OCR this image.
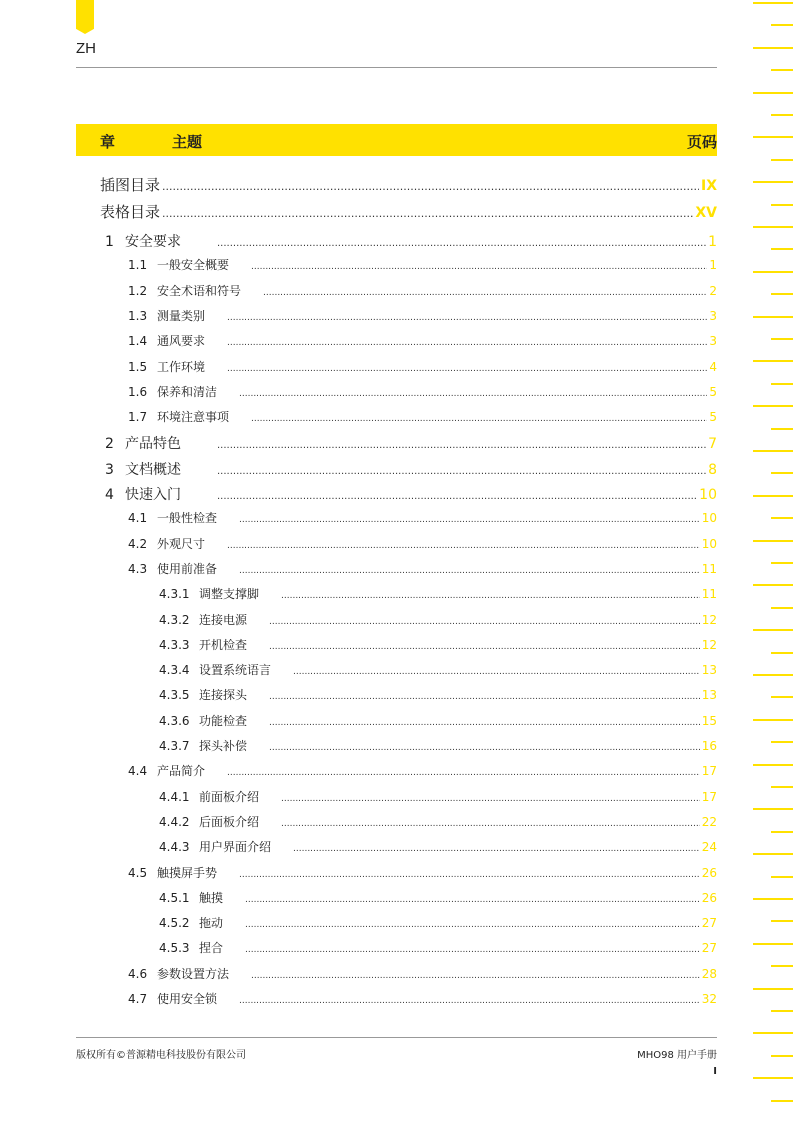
ZH
章	主题	页码
插图目录 .....	IX
表格目录 .....	XV
1 安全要求 .....	1
1.1 一般安全概要 .....	1
1.2 安全术语和符号 .....	2
1.3 测量类别 .....	3
1.4 通风要求 .....	3
1.5 工作环境 .....	4
1.6 保养和清洁 .....	5
1.7 环境注意事项 .....	5
2 产品特色 .....	7
3 文档概述 .....	8
4 快速入门 .....	10
4.1 一般性检查 .....	10
4.2 外观尺寸 .....	10
4.3 使用前准备 .....	11
4.3.1 调整支撑脚 .....	11
4.3.2 连接电源 .....	12
4.3.3 开机检查 .....	12
4.3.4 设置系统语言 .....	13
4.3.5 连接探头 .....	13
4.3.6 功能检查 .....	15
4.3.7 探头补偿 .....	16
4.4 产品简介 .....	17
4.4.1 前面板介绍 .....	17
4.4.2 后面板介绍 .....	22
4.4.3 用户界面介绍 .....	24
4.5 触摸屏手势 .....	26
4.5.1 触摸 .....	26
4.5.2 拖动 .....	27
4.5.3 捏合 .....	27
4.6 参数设置方法 .....	28
4.7 使用安全锁 .....	32
版权所有©普源精电科技股份有限公司	MHO98 用户手册
I
